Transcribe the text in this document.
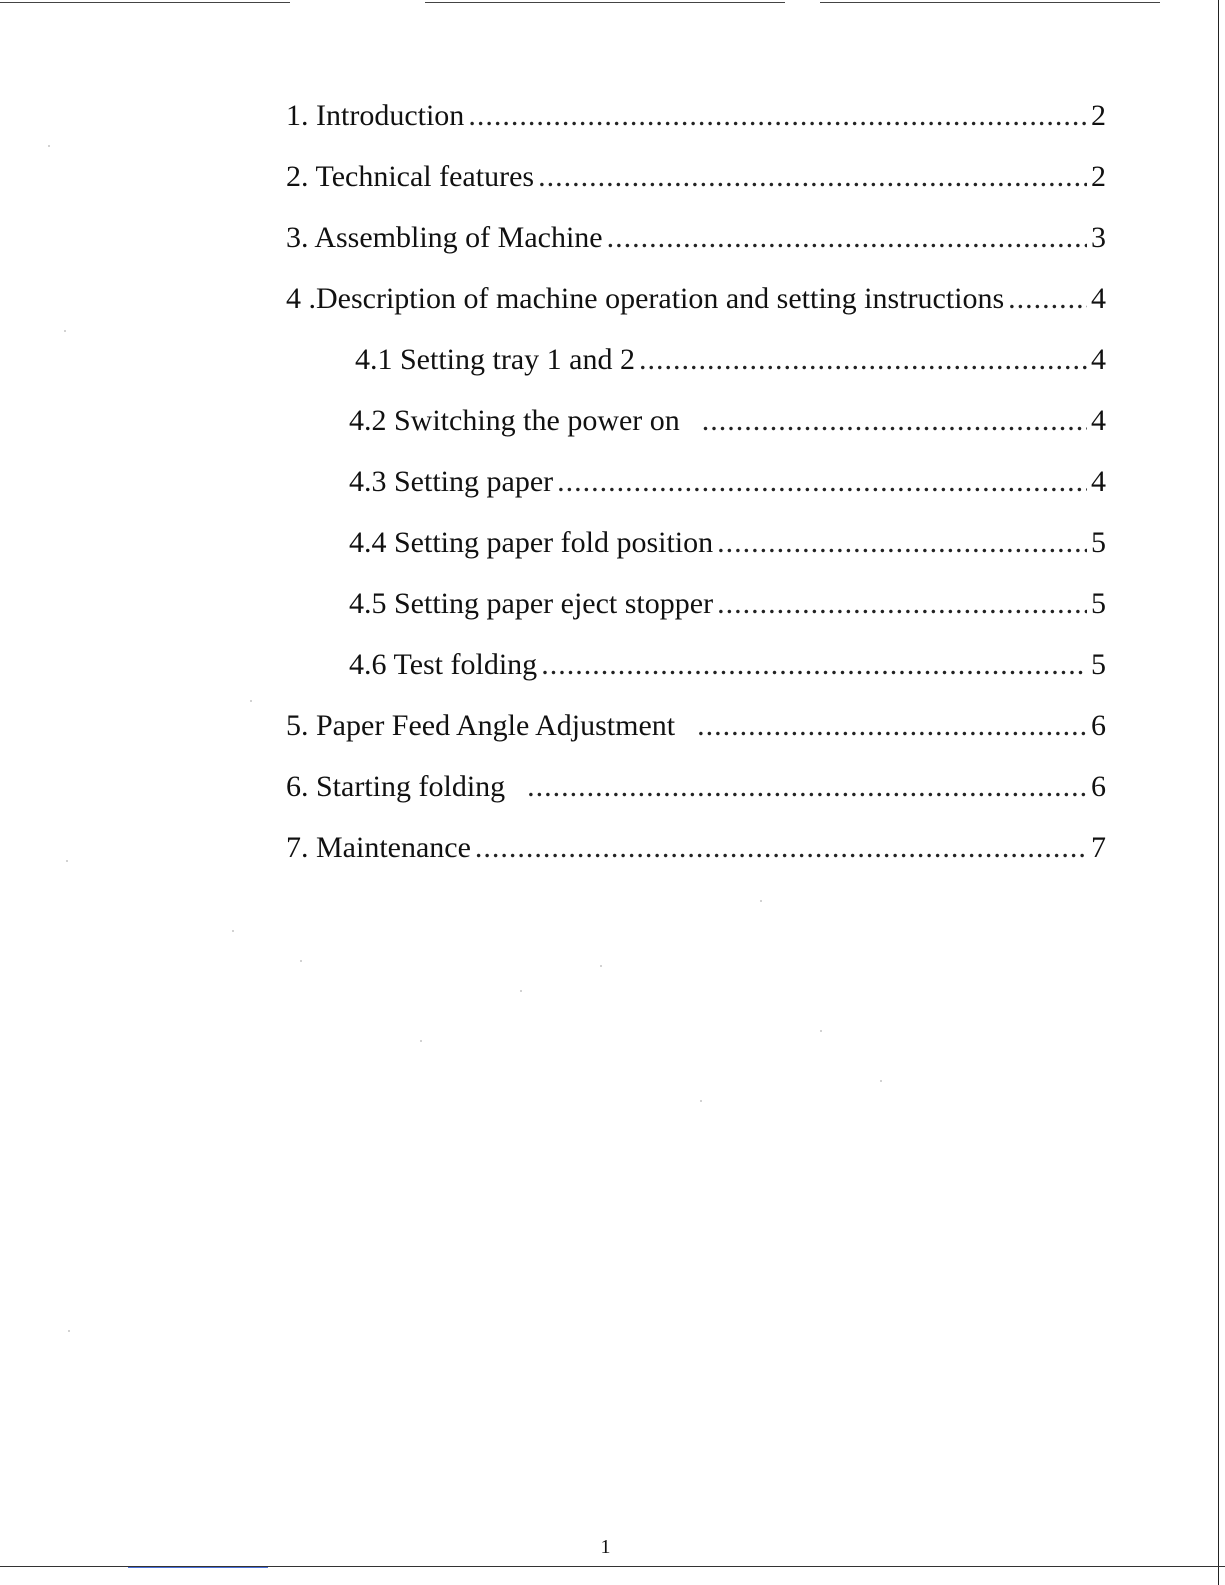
1. Introduction .....	2
2. Technical features .....	2
3. Assembling of Machine .....	3
4 .Description of machine operation and setting instructions .....	4
4.1 Setting tray 1 and 2 .....	4
4.2 Switching the power on .....	4
4.3 Setting paper .....	4
4.4 Setting paper fold position .....	5
4.5 Setting paper eject stopper .....	5
4.6 Test folding .....	5
5. Paper Feed Angle Adjustment .....	6
6. Starting folding .....	6
7. Maintenance .....	7
1
